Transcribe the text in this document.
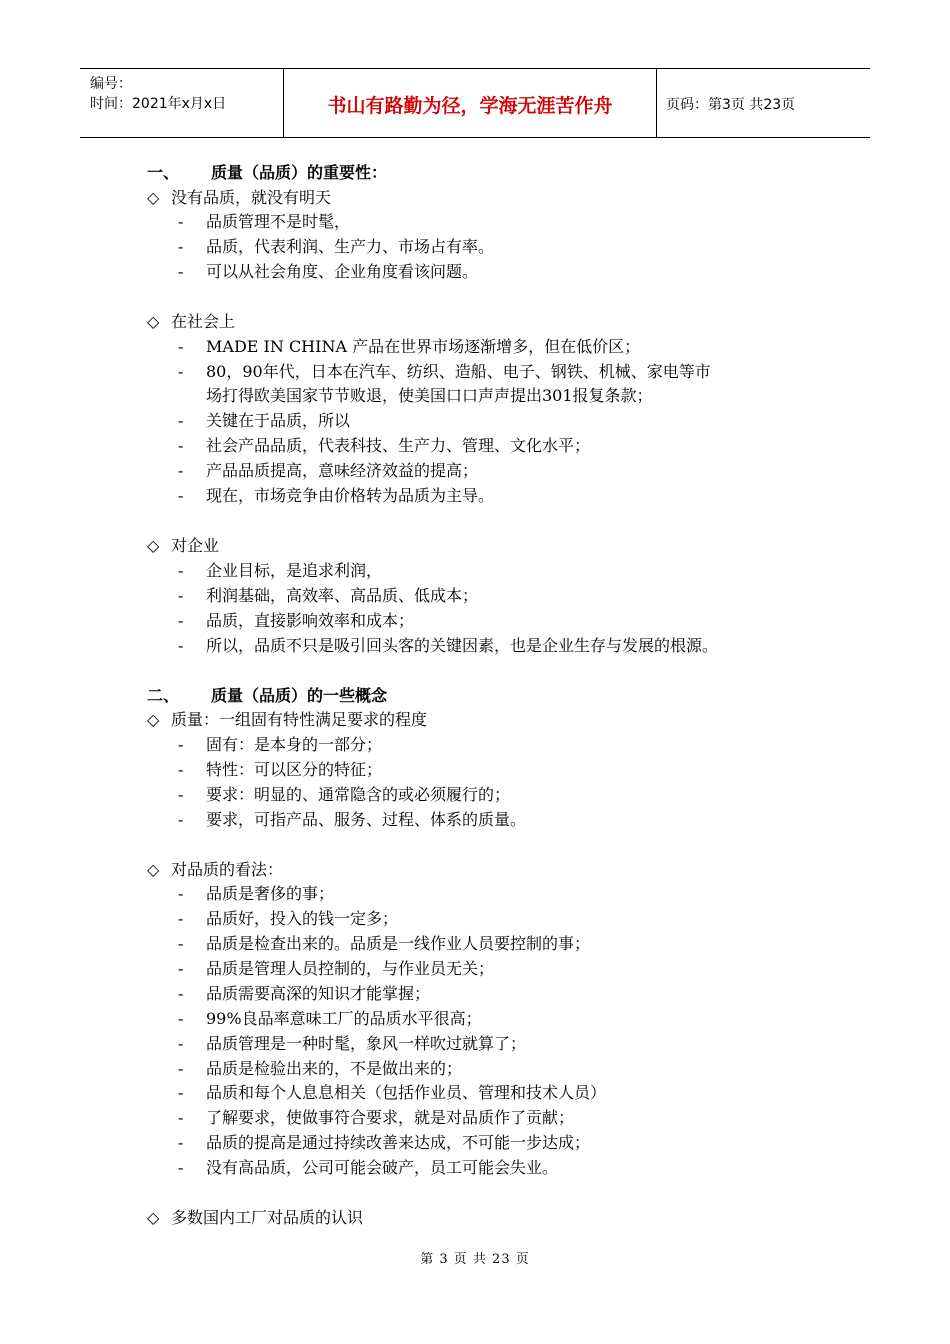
编号：
时间：2021年x月x日	书山有路勤为径，学海无涯苦作舟	页码：第3页 共23页
一、 质量（品质）的重要性：
◇ 没有品质，就没有明天
- 品质管理不是时髦，
- 品质，代表利润、生产力、市场占有率。
- 可以从社会角度、企业角度看该问题。
◇ 在社会上
- MADE IN CHINA 产品在世界市场逐渐增多，但在低价区；
- 80，90年代，日本在汽车、纺织、造船、电子、钢铁、机械、家电等市
场打得欧美国家节节败退，使美国口口声声提出301报复条款；
- 关键在于品质，所以
- 社会产品品质，代表科技、生产力、管理、文化水平；
- 产品品质提高，意味经济效益的提高；
- 现在，市场竞争由价格转为品质为主导。
◇ 对企业
- 企业目标，是追求利润，
- 利润基础，高效率、高品质、低成本；
- 品质，直接影响效率和成本；
- 所以，品质不只是吸引回头客的关键因素，也是企业生存与发展的根源。
二、 质量（品质）的一些概念
◇ 质量：一组固有特性满足要求的程度
- 固有：是本身的一部分；
- 特性：可以区分的特征；
- 要求：明显的、通常隐含的或必须履行的；
- 要求，可指产品、服务、过程、体系的质量。
◇ 对品质的看法：
- 品质是奢侈的事；
- 品质好，投入的钱一定多；
- 品质是检查出来的。品质是一线作业人员要控制的事；
- 品质是管理人员控制的，与作业员无关；
- 品质需要高深的知识才能掌握；
- 99%良品率意味工厂的品质水平很高；
- 品质管理是一种时髦，象风一样吹过就算了；
- 品质是检验出来的，不是做出来的；
- 品质和每个人息息相关（包括作业员、管理和技术人员）
- 了解要求，使做事符合要求，就是对品质作了贡献；
- 品质的提高是通过持续改善来达成，不可能一步达成；
- 没有高品质，公司可能会破产，员工可能会失业。
◇ 多数国内工厂对品质的认识
第 3 页 共 23 页
